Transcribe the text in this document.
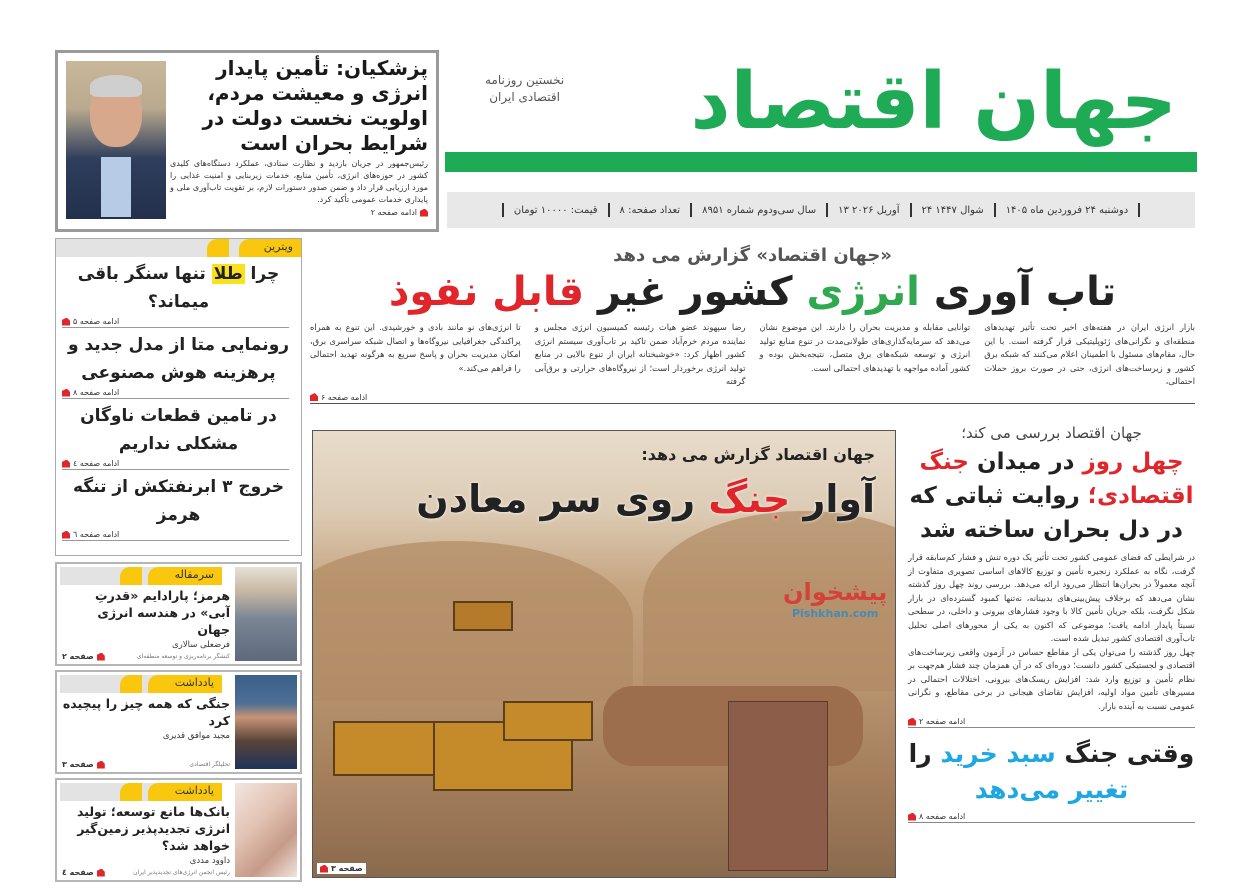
پزشکیان: تأمین پایدار انرژی و معیشت مردم، اولویت نخست دولت در شرایط بحران است
رئیس‌جمهور در جریان بازدید و نظارت ستادی، عملکرد دستگاه‌های کلیدی کشور در حوزه‌های انرژی، تأمین منابع، خدمات زیربنایی و امنیت غذایی را مورد ارزیابی قرار داد و ضمن صدور دستورات لازم، بر تقویت تاب‌آوری ملی و پایداری خدمات عمومی تأکید کرد.
ادامه صفحه ۲
جهان اقتصاد
نخستین روزنامه
اقتصادی ایران
دوشنبه ۲۴ فروردین ماه ۱۴۰۵
۲۴ شوال ۱۴۴۷
۱۳ آوریل ۲۰۲۶
سال سی‌ودوم شماره ۸۹۵۱
تعداد صفحه: ۸
قیمت: ۱۰۰۰۰ تومان
«جهان اقتصاد» گزارش می دهد
تاب آوری انرژی کشور غیر قابل نفوذ
بازار انرژی ایران در هفته‌های اخیر تحت تأثیر تهدیدهای منطقه‌ای و نگرانی‌های ژئوپلیتیکی قرار گرفته است. با این حال، مقام‌های مسئول با اطمینان اعلام می‌کنند که شبکه برق کشور و زیرساخت‌های انرژی، حتی در صورت بروز حملات احتمالی،
توانایی مقابله و مدیریت بحران را دارند. این موضوع نشان می‌دهد که سرمایه‌گذاری‌های طولانی‌مدت در تنوع منابع تولید انرژی و توسعه شبکه‌های برق متصل، نتیجه‌بخش بوده و کشور آماده مواجهه با تهدیدهای احتمالی است.
رضا سپهوند عضو هیات رئیسه کمیسیون انرژی مجلس و نماینده مردم خرم‌آباد ضمن تاکید بر تاب‌آوری سیستم انرژی کشور اظهار کرد: «خوشبختانه ایران از تنوع بالایی در منابع تولید انرژی برخوردار است؛ از نیروگاه‌های حرارتی و برق‌آبی گرفته
تا انرژی‌های نو مانند بادی و خورشیدی. این تنوع به همراه پراکندگی جغرافیایی نیروگاه‌ها و اتصال شبکه سراسری برق، امکان مدیریت بحران و پاسخ سریع به هرگونه تهدید احتمالی را فراهم می‌کند.»
ادامه صفحه ۶
ویترین
چرا طلا تنها سنگر باقی میماند؟
ادامه صفحه ۵
رونمایی متا از مدل جدید و پرهزینه هوش مصنوعی
ادامه صفحه ۸
در تامین قطعات ناوگان مشکلی نداریم
ادامه صفحه ٤
خروج ۳ ابرنفتکش از تنگه هرمز
ادامه صفحه ٦
سرمقاله
هرمز؛ پارادایم «قدرتِ آبی» در هندسه انرژی جهان
فرضعلی سالاری
کنشگر برنامه‌ریزی و توسعه منطقه‌ای
صفحه ۲
یادداشت
جنگی که همه چیز را پیچیده کرد
مجید موافق قدیری
تحلیلگر اقتصادی
صفحه ۳
یادداشت
بانک‌ها مانع توسعه؛ تولید انرژی تجدیدپذیر زمین‌گیر خواهد شد؟
داوود مددی
رئیس انجمن انرژی‌های تجدیدپذیر ایران
صفحه ٤
جهان اقتصاد گزارش می دهد:
آوار جنگ روی سر معادن
پیشخوان
Pishkhan.com
صفحه ۳
جهان اقتصاد بررسی می کند؛
چهل روز در میدان جنگ اقتصادی؛ روایت ثباتی که در دل بحران ساخته شد

در شرایطی که فضای عمومی کشور تحت تأثیر یک دوره تنش و فشار کم‌سابقه قرار گرفت، نگاه به عملکرد زنجیره تأمین و توزیع کالاهای اساسی تصویری متفاوت از آنچه معمولاً در بحران‌ها انتظار می‌رود ارائه می‌دهد. بررسی روند چهل روز گذشته نشان می‌دهد که برخلاف پیش‌بینی‌های بدبینانه، نه‌تنها کمبود گسترده‌ای در بازار شکل نگرفت، بلکه جریان تأمین کالا با وجود فشارهای بیرونی و داخلی، در سطحی نسبتاً پایدار ادامه یافت؛ موضوعی که اکنون به یکی از محورهای اصلی تحلیل تاب‌آوری اقتصادی کشور تبدیل شده است.

چهل روز گذشته را می‌توان یکی از مقاطع حساس در آزمون واقعی زیرساخت‌های اقتصادی و لجستیکی کشور دانست؛ دوره‌ای که در آن همزمان چند فشار هم‌جهت بر نظام تأمین و توزیع وارد شد: افزایش ریسک‌های بیرونی، اختلالات احتمالی در مسیرهای تأمین مواد اولیه، افزایش تقاضای هیجانی در برخی مقاطع، و نگرانی عمومی نسبت به آینده بازار.

ادامه صفحه ۲
وقتی جنگ سبد خرید را
تغییر می‌دهد
ادامه صفحه ۸
